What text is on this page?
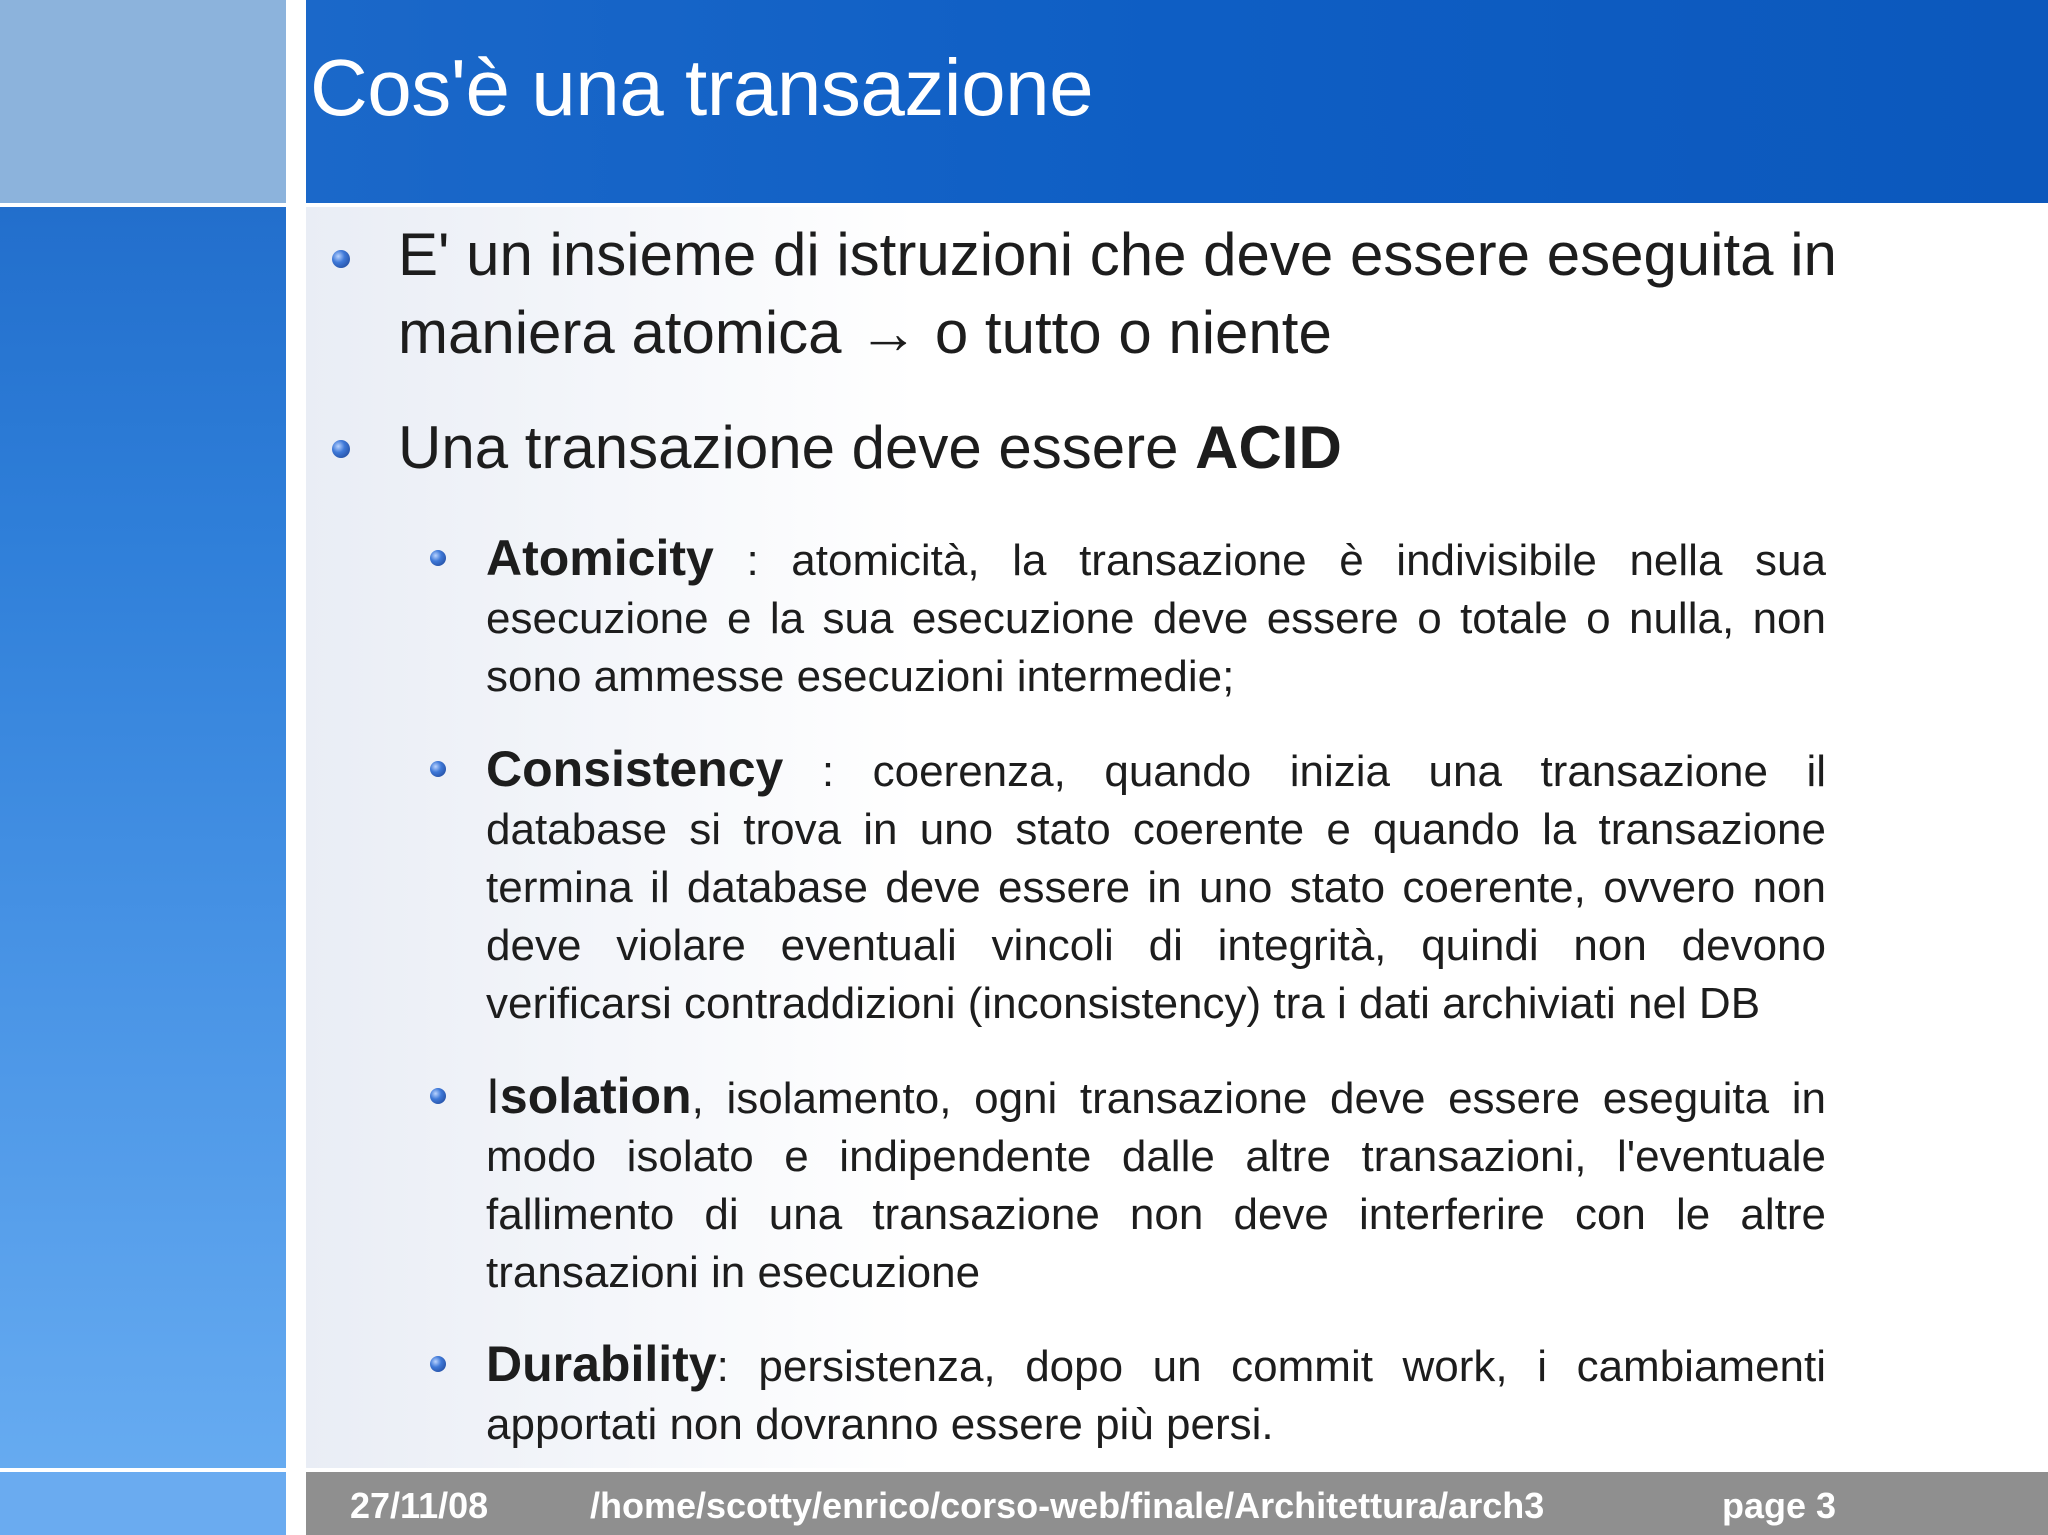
Cos'è una transazione
E' un insieme di istruzioni che deve essere eseguita in maniera atomica → o tutto o niente
Una transazione deve essere ACID
Atomicity : atomicità, la transazione è indivisibile nella sua esecuzione e la sua esecuzione deve essere o totale o nulla, non sono ammesse esecuzioni intermedie;
Consistency : coerenza, quando inizia una transazione il database si trova in uno stato coerente e quando la transazione termina il database deve essere in uno stato coerente, ovvero non deve violare eventuali vincoli di integrità, quindi non devono verificarsi contraddizioni (inconsistency) tra i dati archiviati nel DB
Isolation, isolamento, ogni transazione deve essere eseguita in modo isolato e indipendente dalle altre transazioni, l'eventuale fallimento di una transazione non deve interferire con le altre transazioni in esecuzione
Durability: persistenza, dopo un commit work, i cambiamenti apportati non dovranno essere più persi.
27/11/08	/home/scotty/enrico/corso-web/finale/Architettura/arch3	page 3
